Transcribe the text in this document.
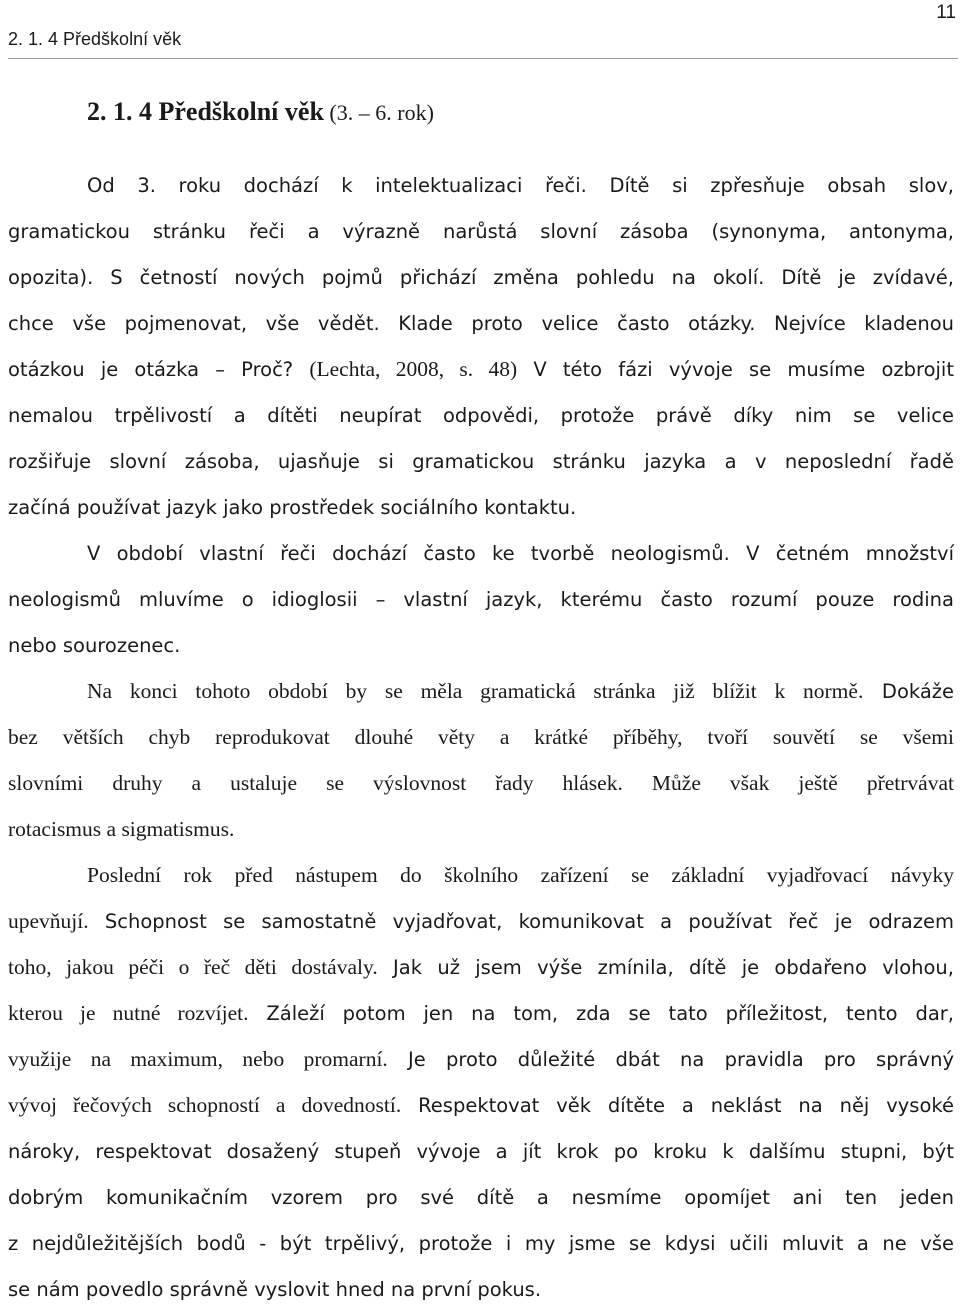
2. 1. 4 Předškolní věk
11
2. 1. 4 Předškolní věk (3. – 6. rok)
Od 3. roku dochází k intelektualizaci řeči. Dítě si zpřesňuje obsah slov,
gramatickou stránku řeči a výrazně narůstá slovní zásoba (synonyma, antonyma,
opozita). S četností nových pojmů přichází změna pohledu na okolí. Dítě je zvídavé,
chce vše pojmenovat, vše vědět. Klade proto velice často otázky. Nejvíce kladenou
otázkou je otázka – Proč? (Lechta, 2008, s. 48) V této fázi vývoje se musíme ozbrojit
nemalou trpělivostí a dítěti neupírat odpovědi, protože právě díky nim se velice
rozšiřuje slovní zásoba, ujasňuje si gramatickou stránku jazyka a v neposlední řadě
začíná používat jazyk jako prostředek sociálního kontaktu.
V období vlastní řeči dochází často ke tvorbě neologismů. V četném množství
neologismů mluvíme o idioglosii – vlastní jazyk, kterému často rozumí pouze rodina
nebo sourozenec.
Na konci tohoto období by se měla gramatická stránka již blížit k normě. Dokáže
bez větších chyb reprodukovat dlouhé věty a krátké příběhy, tvoří souvětí se všemi
slovními druhy a ustaluje se výslovnost řady hlásek. Může však ještě přetrvávat
rotacismus a sigmatismus.
Poslední rok před nástupem do školního zařízení se základní vyjadřovací návyky
upevňují. Schopnost se samostatně vyjadřovat, komunikovat a používat řeč je odrazem
toho, jakou péči o řeč děti dostávaly. Jak už jsem výše zmínila, dítě je obdařeno vlohou,
kterou je nutné rozvíjet. Záleží potom jen na tom, zda se tato příležitost, tento dar,
využije na maximum, nebo promarní. Je proto důležité dbát na pravidla pro správný
vývoj řečových schopností a dovedností. Respektovat věk dítěte a neklást na něj vysoké
nároky, respektovat dosažený stupeň vývoje a jít krok po kroku k dalšímu stupni, být
dobrým komunikačním vzorem pro své dítě a nesmíme opomíjet ani ten jeden
z nejdůležitějších bodů - být trpělivý, protože i my jsme se kdysi učili mluvit a ne vše
se nám povedlo správně vyslovit hned na první pokus.
